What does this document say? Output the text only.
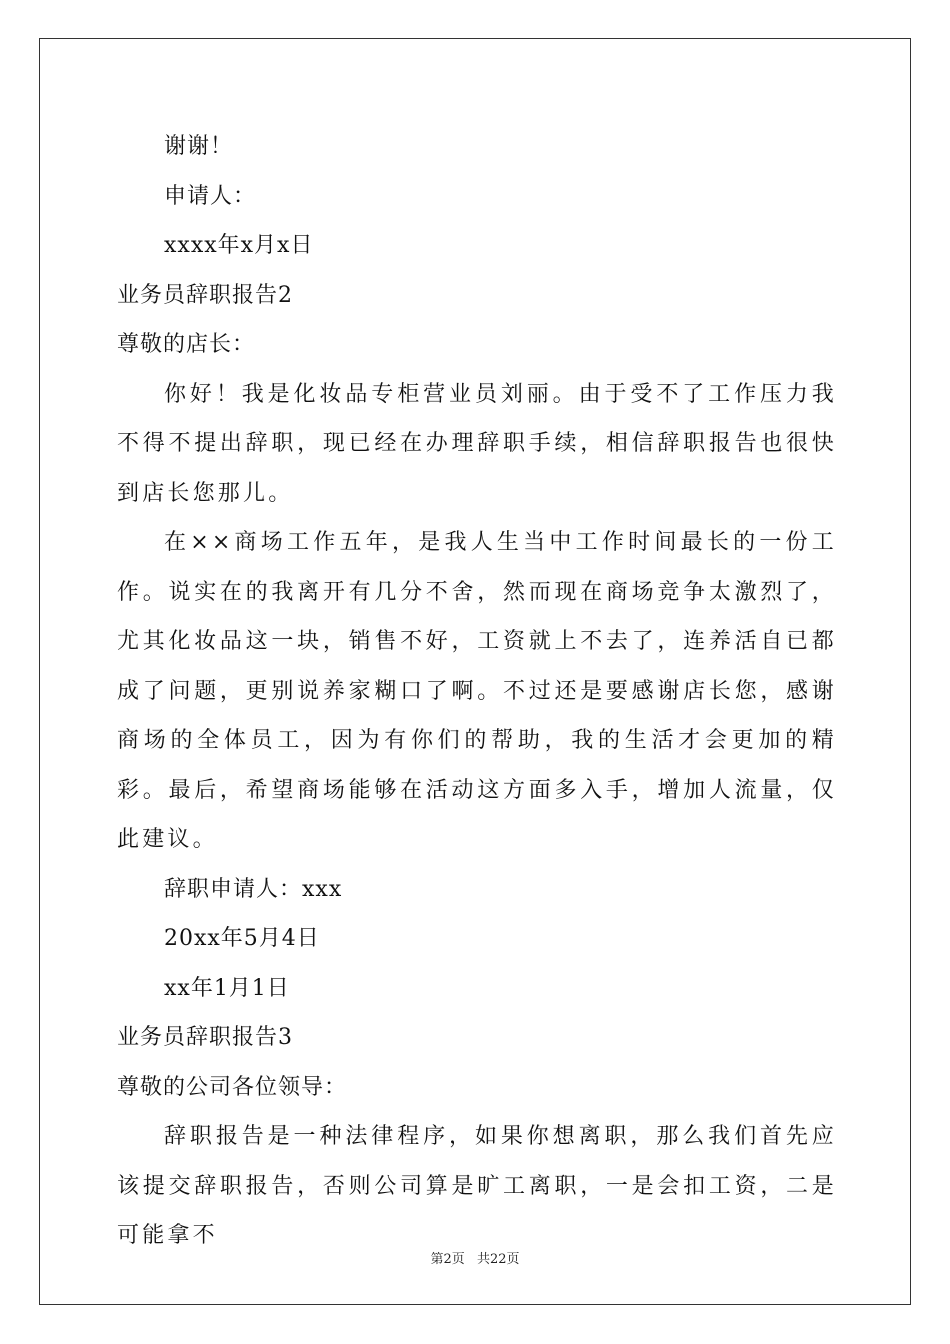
谢谢！
申请人：
xxxx年x月x日
业务员辞职报告2
尊敬的店长：
你好！我是化妆品专柜营业员刘丽。由于受不了工作压力我不得不提出辞职，现已经在办理辞职手续，相信辞职报告也很快到店长您那儿。
在××商场工作五年，是我人生当中工作时间最长的一份工作。说实在的我离开有几分不舍，然而现在商场竞争太激烈了，尤其化妆品这一块，销售不好，工资就上不去了，连养活自已都成了问题，更别说养家糊口了啊。不过还是要感谢店长您，感谢商场的全体员工，因为有你们的帮助，我的生活才会更加的精彩。最后，希望商场能够在活动这方面多入手，增加人流量，仅此建议。
辞职申请人：xxx
20xx年5月4日
xx年1月1日
业务员辞职报告3
尊敬的公司各位领导：
辞职报告是一种法律程序，如果你想离职，那么我们首先应该提交辞职报告，否则公司算是旷工离职，一是会扣工资，二是可能拿不
第2页 共22页
